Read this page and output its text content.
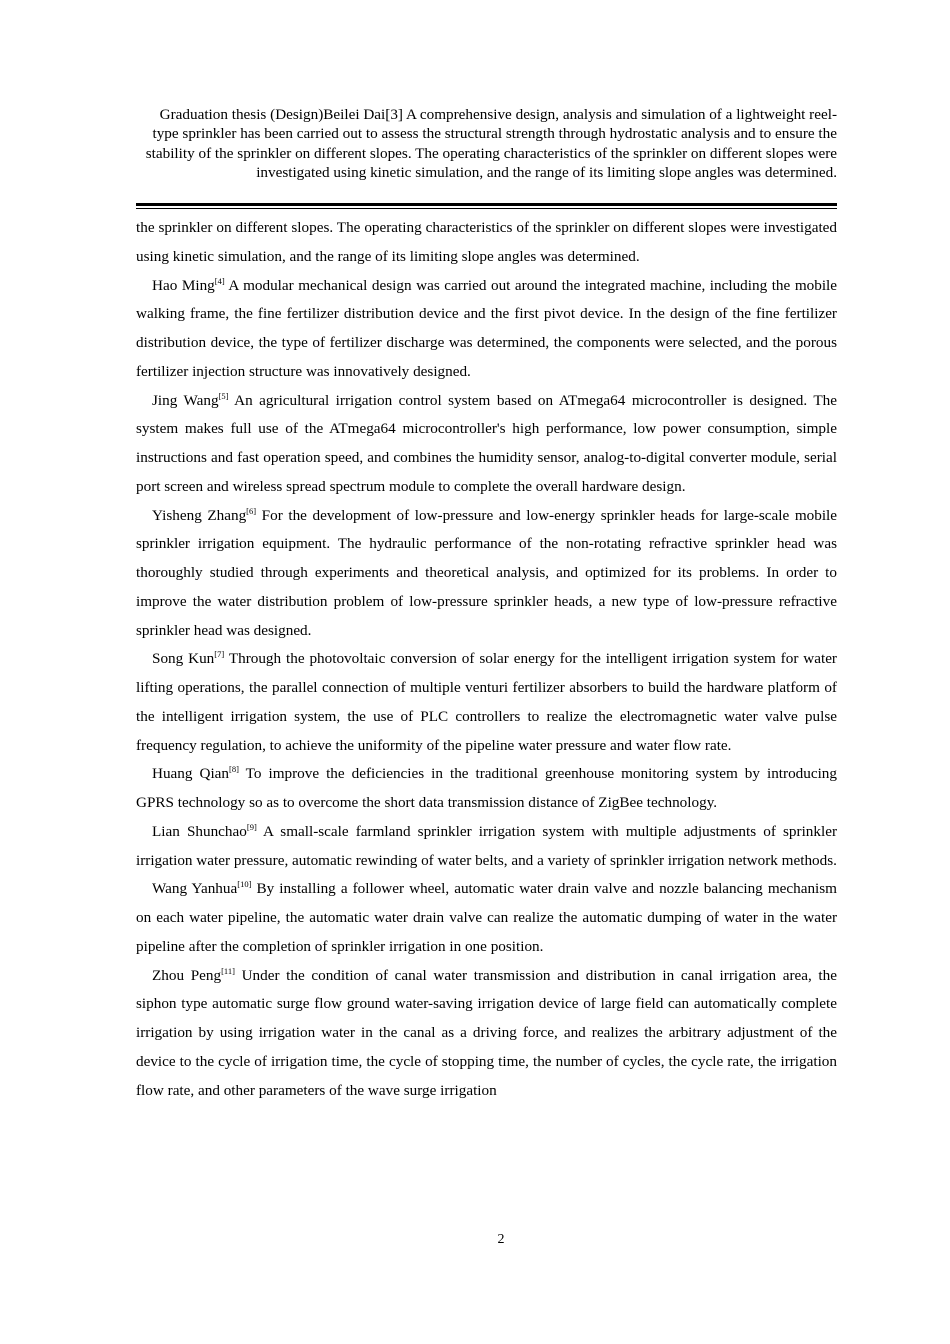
Graduation thesis (Design)Beilei Dai[3] A comprehensive design, analysis and simulation of a lightweight reel-type sprinkler has been carried out to assess the structural strength through hydrostatic analysis and to ensure the stability of the sprinkler on different slopes. The operating characteristics of the sprinkler on different slopes were investigated using kinetic simulation, and the range of its limiting slope angles was determined.

the sprinkler on different slopes. The operating characteristics of the sprinkler on different slopes were investigated using kinetic simulation, and the range of its limiting slope angles was determined.

Hao Ming[4] A modular mechanical design was carried out around the integrated machine, including the mobile walking frame, the fine fertilizer distribution device and the first pivot device. In the design of the fine fertilizer distribution device, the type of fertilizer discharge was determined, the components were selected, and the porous fertilizer injection structure was innovatively designed.

Jing Wang[5] An agricultural irrigation control system based on ATmega64 microcontroller is designed. The system makes full use of the ATmega64 microcontroller's high performance, low power consumption, simple instructions and fast operation speed, and combines the humidity sensor, analog-to-digital converter module, serial port screen and wireless spread spectrum module to complete the overall hardware design.

Yisheng Zhang[6] For the development of low-pressure and low-energy sprinkler heads for large-scale mobile sprinkler irrigation equipment. The hydraulic performance of the non-rotating refractive sprinkler head was thoroughly studied through experiments and theoretical analysis, and optimized for its problems. In order to improve the water distribution problem of low-pressure sprinkler heads, a new type of low-pressure refractive sprinkler head was designed.

Song Kun[7] Through the photovoltaic conversion of solar energy for the intelligent irrigation system for water lifting operations, the parallel connection of multiple venturi fertilizer absorbers to build the hardware platform of the intelligent irrigation system, the use of PLC controllers to realize the electromagnetic water valve pulse frequency regulation, to achieve the uniformity of the pipeline water pressure and water flow rate.

Huang Qian[8] To improve the deficiencies in the traditional greenhouse monitoring system by introducing GPRS technology so as to overcome the short data transmission distance of ZigBee technology.

Lian Shunchao[9] A small-scale farmland sprinkler irrigation system with multiple adjustments of sprinkler irrigation water pressure, automatic rewinding of water belts, and a variety of sprinkler irrigation network methods.

Wang Yanhua[10] By installing a follower wheel, automatic water drain valve and nozzle balancing mechanism on each water pipeline, the automatic water drain valve can realize the automatic dumping of water in the water pipeline after the completion of sprinkler irrigation in one position.

Zhou Peng[11] Under the condition of canal water transmission and distribution in canal irrigation area, the siphon type automatic surge flow ground water-saving irrigation device of large field can automatically complete irrigation by using irrigation water in the canal as a driving force, and realizes the arbitrary adjustment of the device to the cycle of irrigation time, the cycle of stopping time, the number of cycles, the cycle rate, the irrigation flow rate, and other parameters of the wave surge irrigation

2
